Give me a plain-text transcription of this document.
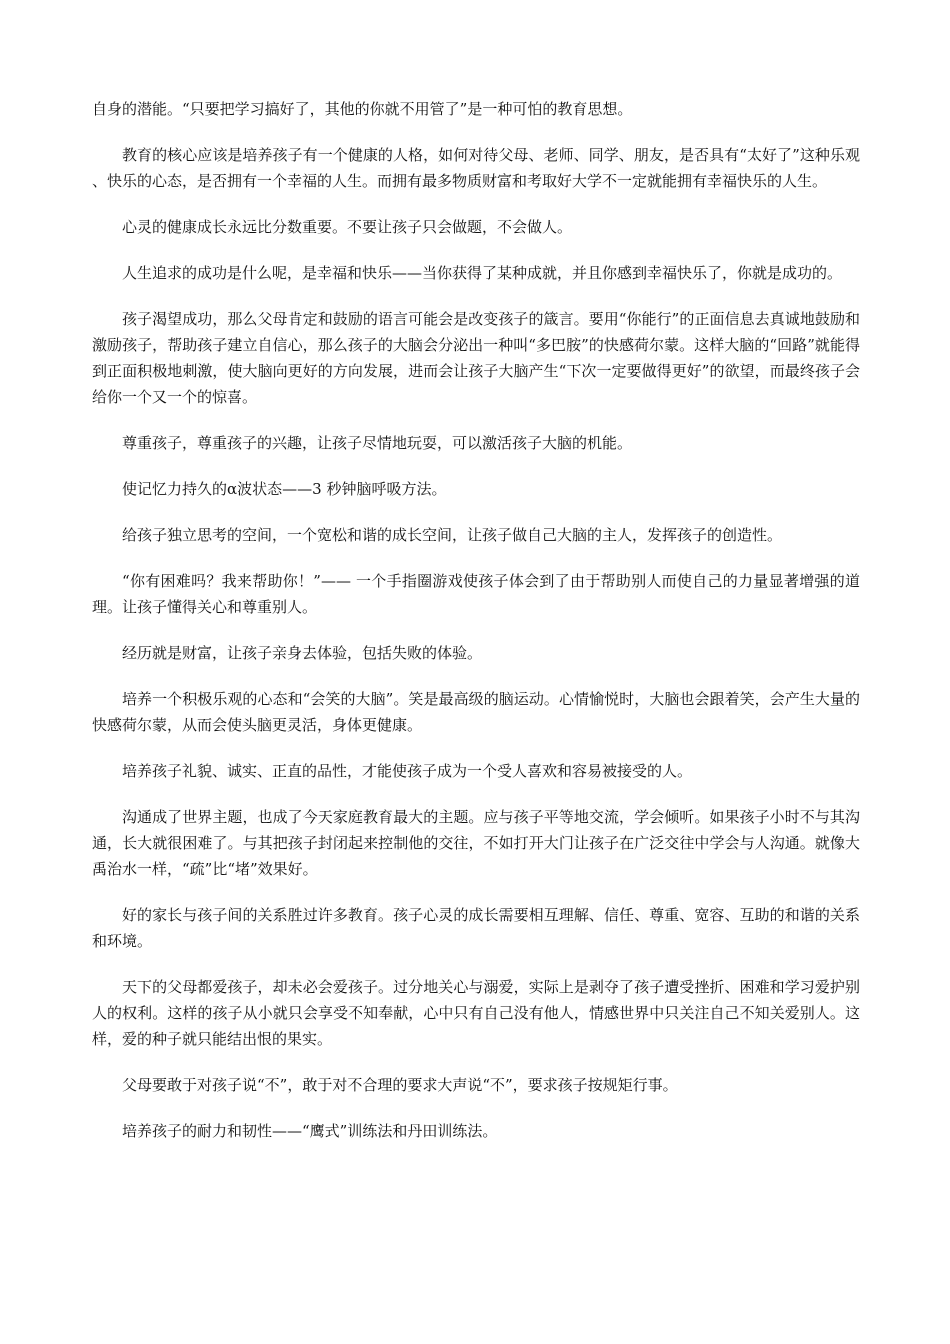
自身的潜能。“只要把学习搞好了，其他的你就不用管了”是一种可怕的教育思想。

教育的核心应该是培养孩子有一个健康的人格，如何对待父母、老师、同学、朋友，是否具有“太好了”这种乐观、快乐的心态，是否拥有一个幸福的人生。而拥有最多物质财富和考取好大学不一定就能拥有幸福快乐的人生。

心灵的健康成长永远比分数重要。不要让孩子只会做题，不会做人。

人生追求的成功是什么呢，是幸福和快乐——当你获得了某种成就，并且你感到幸福快乐了，你就是成功的。

孩子渴望成功，那么父母肯定和鼓励的语言可能会是改变孩子的箴言。要用“你能行”的正面信息去真诚地鼓励和激励孩子，帮助孩子建立自信心，那么孩子的大脑会分泌出一种叫“多巴胺”的快感荷尔蒙。这样大脑的“回路”就能得到正面积极地刺激，使大脑向更好的方向发展，进而会让孩子大脑产生“下次一定要做得更好”的欲望，而最终孩子会给你一个又一个的惊喜。

尊重孩子，尊重孩子的兴趣，让孩子尽情地玩耍，可以激活孩子大脑的机能。

使记忆力持久的α波状态——3 秒钟脑呼吸方法。

给孩子独立思考的空间，一个宽松和谐的成长空间，让孩子做自己大脑的主人，发挥孩子的创造性。

“你有困难吗？我来帮助你！”—— 一个手指圈游戏使孩子体会到了由于帮助别人而使自己的力量显著增强的道理。让孩子懂得关心和尊重别人。

经历就是财富，让孩子亲身去体验，包括失败的体验。

培养一个积极乐观的心态和“会笑的大脑”。笑是最高级的脑运动。心情愉悦时，大脑也会跟着笑，会产生大量的快感荷尔蒙，从而会使头脑更灵活，身体更健康。

培养孩子礼貌、诚实、正直的品性，才能使孩子成为一个受人喜欢和容易被接受的人。

沟通成了世界主题，也成了今天家庭教育最大的主题。应与孩子平等地交流，学会倾听。如果孩子小时不与其沟通，长大就很困难了。与其把孩子封闭起来控制他的交往，不如打开大门让孩子在广泛交往中学会与人沟通。就像大禹治水一样，“疏”比“堵”效果好。

好的家长与孩子间的关系胜过许多教育。孩子心灵的成长需要相互理解、信任、尊重、宽容、互助的和谐的关系和环境。

天下的父母都爱孩子，却未必会爱孩子。过分地关心与溺爱，实际上是剥夺了孩子遭受挫折、困难和学习爱护别人的权利。这样的孩子从小就只会享受不知奉献，心中只有自己没有他人，情感世界中只关注自己不知关爱别人。这样，爱的种子就只能结出恨的果实。

父母要敢于对孩子说“不”，敢于对不合理的要求大声说“不”，要求孩子按规矩行事。

培养孩子的耐力和韧性——“鹰式”训练法和丹田训练法。
